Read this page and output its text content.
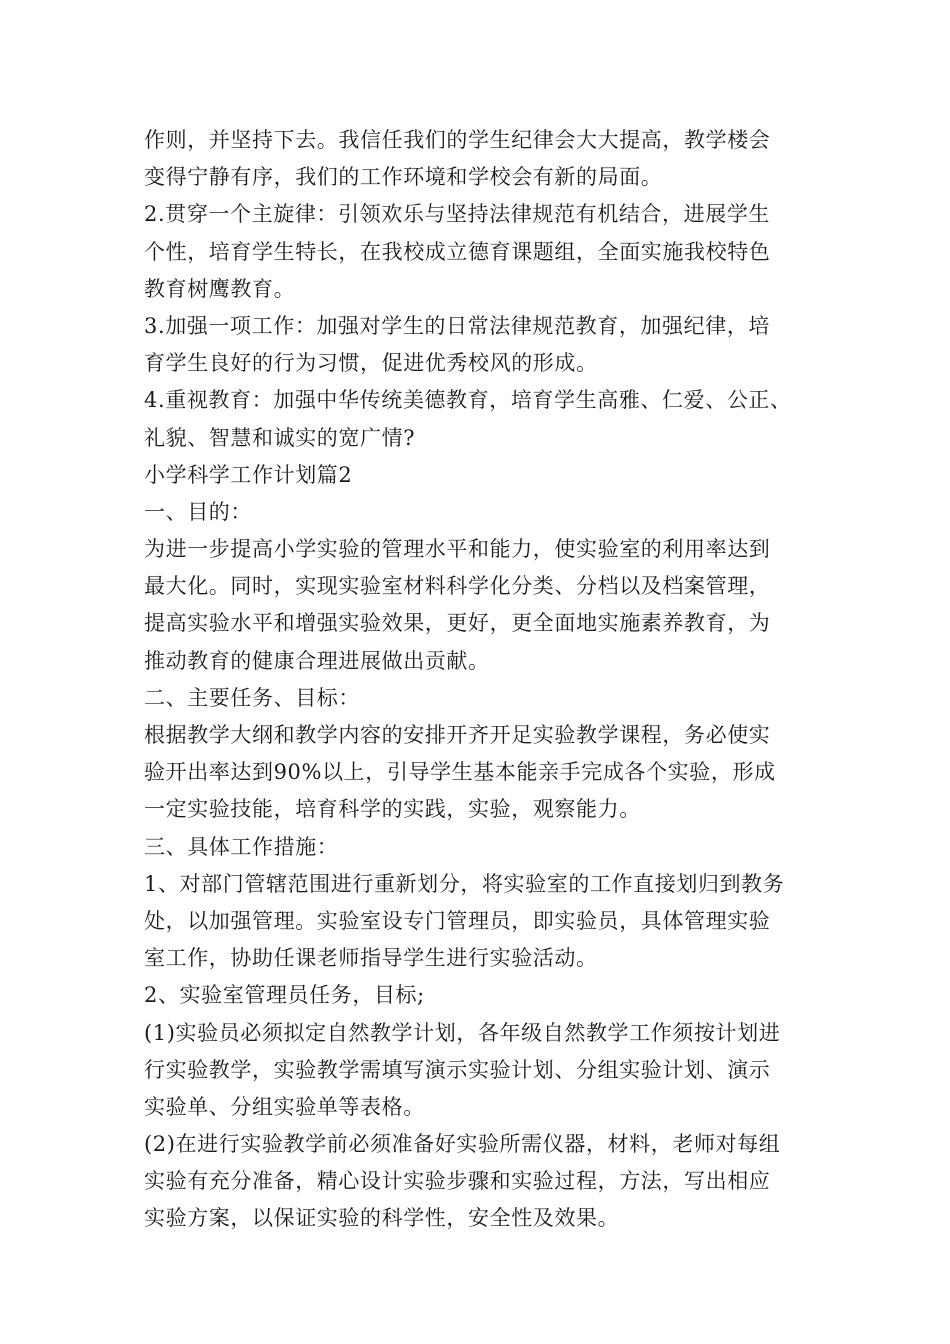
作则，并坚持下去。我信任我们的学生纪律会大大提高，教学楼会
变得宁静有序，我们的工作环境和学校会有新的局面。
2.贯穿一个主旋律：引领欢乐与坚持法律规范有机结合，进展学生
个性，培育学生特长，在我校成立德育课题组，全面实施我校特色
教育树鹰教育。
3.加强一项工作：加强对学生的日常法律规范教育，加强纪律，培
育学生良好的行为习惯，促进优秀校风的形成。
4.重视教育：加强中华传统美德教育，培育学生高雅、仁爱、公正、
礼貌、智慧和诚实的宽广情?
小学科学工作计划篇2
一、目的：
为进一步提高小学实验的管理水平和能力，使实验室的利用率达到
最大化。同时，实现实验室材料科学化分类、分档以及档案管理，
提高实验水平和增强实验效果，更好，更全面地实施素养教育，为
推动教育的健康合理进展做出贡献。
二、主要任务、目标：
根据教学大纲和教学内容的安排开齐开足实验教学课程，务必使实
验开出率达到90%以上，引导学生基本能亲手完成各个实验，形成
一定实验技能，培育科学的实践，实验，观察能力。
三、具体工作措施：
1、对部门管辖范围进行重新划分，将实验室的工作直接划归到教务
处，以加强管理。实验室设专门管理员，即实验员，具体管理实验
室工作，协助任课老师指导学生进行实验活动。
2、实验室管理员任务，目标;
(1)实验员必须拟定自然教学计划，各年级自然教学工作须按计划进
行实验教学，实验教学需填写演示实验计划、分组实验计划、演示
实验单、分组实验单等表格。
(2)在进行实验教学前必须准备好实验所需仪器，材料，老师对每组
实验有充分准备，精心设计实验步骤和实验过程，方法，写出相应
实验方案，以保证实验的科学性，安全性及效果。
